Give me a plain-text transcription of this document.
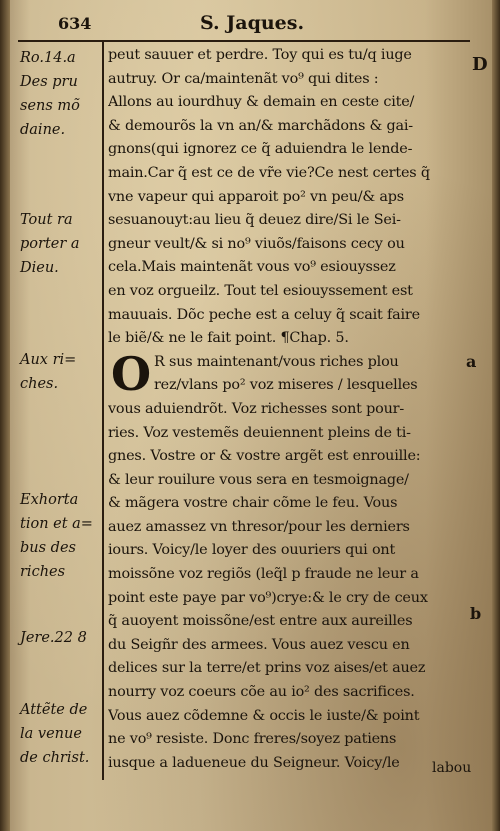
634	S. Jaques.
D
a
b
Ro.14.a
Des pru
sens mõ
daine.
Tout ra
porter a
Dieu.
Aux ri=
ches.
Exhorta
tion et a=
bus des
riches
Jere.22 8
Attẽte de
la venue
de christ.
peut sauuer et perdre. Toy qui es tu/q iuge
autruy. Or ca/maintenãt vo⁹ qui dites :
Allons au iourdhuy & demain en ceste cite/
& demourõs la vn an/& marchãdons & gai‑
gnons(qui ignorez ce q̃ aduiendra le lende‑
main.Car q̃ est ce de vr̃e vie?Ce nest certes q̃
vne vapeur qui apparoit po² vn peu/& aps
sesuanouyt:au lieu q̃ deuez dire/Si le Sei‑
gneur veult/& si no⁹ viuõs/faisons cecy ou
cela.Mais maintenãt vous vo⁹ esiouyssez
en voz orgueilz. Tout tel esiouyssement est
mauuais. Dõc peche est a celuy q̃ scait faire
le biẽ/& ne le fait point. ¶Chap. 5.
R sus maintenant/vous riches plou
rez/vlans po² voz miseres / lesquelles
vous aduiendrõt. Voz richesses sont pour‑
ries. Voz vestemẽs deuiennent pleins de ti‑
gnes. Vostre or & vostre argẽt est enrouille:
& leur rouilure vous sera en tesmoignage/
& mãgera vostre chair cõme le feu. Vous
auez amassez vn thresor/pour les derniers
iours. Voicy/le loyer des ouuriers qui ont
moissõne voz regiõs (leq̃l p fraude ne leur a
point este paye par vo⁹)crye:& le cry de ceux
q̃ auoyent moissõne/est entre aux aureilles
du Seigñr des armees. Vous auez vescu en
delices sur la terre/et prins voz aises/et auez
nourry voz coeurs cõe au io² des sacrifices.
Vous auez cõdemne & occis le iuste/& point
ne vo⁹ resiste. Donc freres/soyez patiens
iusque a ladueneue du Seigneur. Voicy/le
O
labou
